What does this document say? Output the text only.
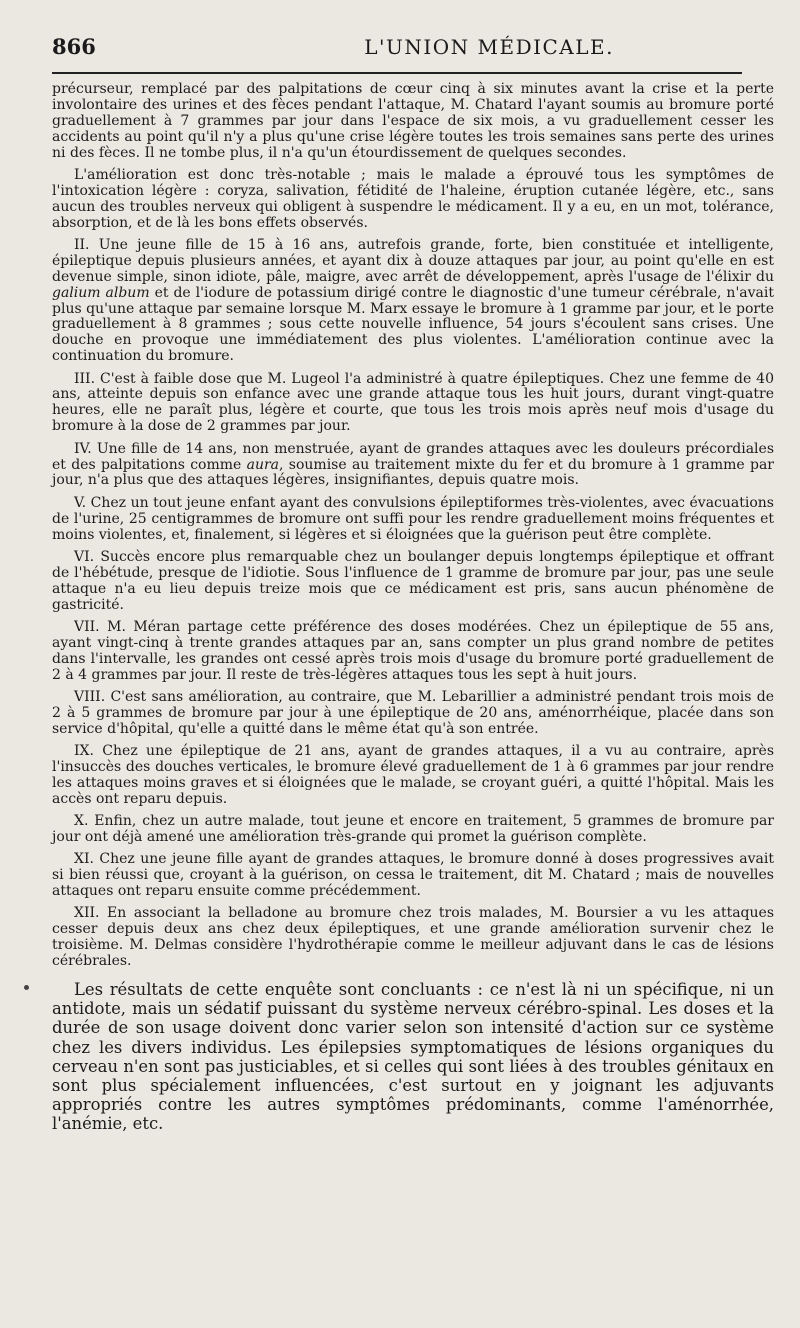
866	L'UNION MÉDICALE.

précurseur, remplacé par des palpitations de cœur cinq à six minutes avant la crise et la perte involontaire des urines et des fèces pendant l'attaque, M. Chatard l'ayant soumis au bromure porté graduellement à 7 grammes par jour dans l'espace de six mois, a vu graduellement cesser les accidents au point qu'il n'y a plus qu'une crise légère toutes les trois semaines sans perte des urines ni des fèces. Il ne tombe plus, il n'a qu'un étourdissement de quelques secondes.

L'amélioration est donc très-notable ; mais le malade a éprouvé tous les symptômes de l'intoxication légère : coryza, salivation, fétidité de l'haleine, éruption cutanée légère, etc., sans aucun des troubles nerveux qui obligent à suspendre le médicament. Il y a eu, en un mot, tolérance, absorption, et de là les bons effets observés.

II. Une jeune fille de 15 à 16 ans, autrefois grande, forte, bien constituée et intelligente, épileptique depuis plusieurs années, et ayant dix à douze attaques par jour, au point qu'elle en est devenue simple, sinon idiote, pâle, maigre, avec arrêt de développement, après l'usage de l'élixir du galium album et de l'iodure de potassium dirigé contre le diagnostic d'une tumeur cérébrale, n'avait plus qu'une attaque par semaine lorsque M. Marx essaye le bromure à 1 gramme par jour, et le porte graduellement à 8 grammes ; sous cette nouvelle influence, 54 jours s'écoulent sans crises. Une douche en provoque une immédiatement des plus violentes. L'amélioration continue avec la continuation du bromure.

III. C'est à faible dose que M. Lugeol l'a administré à quatre épileptiques. Chez une femme de 40 ans, atteinte depuis son enfance avec une grande attaque tous les huit jours, durant vingt-quatre heures, elle ne paraît plus, légère et courte, que tous les trois mois après neuf mois d'usage du bromure à la dose de 2 grammes par jour.

IV. Une fille de 14 ans, non menstruée, ayant de grandes attaques avec les douleurs précordiales et des palpitations comme aura, soumise au traitement mixte du fer et du bromure à 1 gramme par jour, n'a plus que des attaques légères, insignifiantes, depuis quatre mois.

V. Chez un tout jeune enfant ayant des convulsions épileptiformes très-violentes, avec évacuations de l'urine, 25 centigrammes de bromure ont suffi pour les rendre graduellement moins fréquentes et moins violentes, et, finalement, si légères et si éloignées que la guérison peut être complète.

VI. Succès encore plus remarquable chez un boulanger depuis longtemps épileptique et offrant de l'hébétude, presque de l'idiotie. Sous l'influence de 1 gramme de bromure par jour, pas une seule attaque n'a eu lieu depuis treize mois que ce médicament est pris, sans aucun phénomène de gastricité.

VII. M. Méran partage cette préférence des doses modérées. Chez un épileptique de 55 ans, ayant vingt-cinq à trente grandes attaques par an, sans compter un plus grand nombre de petites dans l'intervalle, les grandes ont cessé après trois mois d'usage du bromure porté graduellement de 2 à 4 grammes par jour. Il reste de très-légères attaques tous les sept à huit jours.

VIII. C'est sans amélioration, au contraire, que M. Lebarillier a administré pendant trois mois de 2 à 5 grammes de bromure par jour à une épileptique de 20 ans, aménorrhéique, placée dans son service d'hôpital, qu'elle a quitté dans le même état qu'à son entrée.

IX. Chez une épileptique de 21 ans, ayant de grandes attaques, il a vu au contraire, après l'insuccès des douches verticales, le bromure élevé graduellement de 1 à 6 grammes par jour rendre les attaques moins graves et si éloignées que le malade, se croyant guéri, a quitté l'hôpital. Mais les accès ont reparu depuis.

X. Enfin, chez un autre malade, tout jeune et encore en traitement, 5 grammes de bromure par jour ont déjà amené une amélioration très-grande qui promet la guérison complète.

XI. Chez une jeune fille ayant de grandes attaques, le bromure donné à doses progressives avait si bien réussi que, croyant à la guérison, on cessa le traitement, dit M. Chatard ; mais de nouvelles attaques ont reparu ensuite comme précédemment.

XII. En associant la belladone au bromure chez trois malades, M. Boursier a vu les attaques cesser depuis deux ans chez deux épileptiques, et une grande amélioration survenir chez le troisième. M. Delmas considère l'hydrothérapie comme le meilleur adjuvant dans le cas de lésions cérébrales.

Les résultats de cette enquête sont concluants : ce n'est là ni un spécifique, ni un antidote, mais un sédatif puissant du système nerveux cérébro-spinal. Les doses et la durée de son usage doivent donc varier selon son intensité d'action sur ce système chez les divers individus. Les épilepsies symptomatiques de lésions organiques du cerveau n'en sont pas justiciables, et si celles qui sont liées à des troubles génitaux en sont plus spécialement influencées, c'est surtout en y joignant les adjuvants appropriés contre les autres symptômes prédominants, comme l'aménorrhée, l'anémie, etc.
